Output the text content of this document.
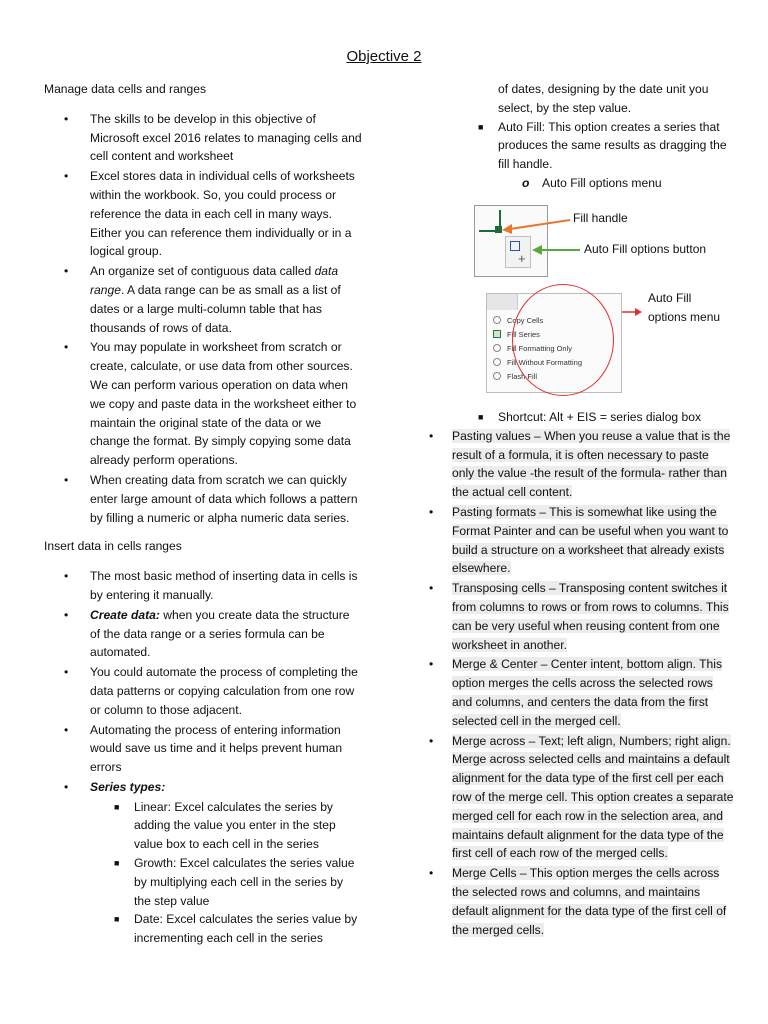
Objective 2

Manage data cells and ranges

• The skills to be develop in this objective of Microsoft excel 2016 relates to managing cells and cell content and worksheet

• Excel stores data in individual cells of worksheets within the workbook. So, you could process or reference the data in each cell in many ways. Either you can reference them individually or in a logical group.

• An organize set of contiguous data called data range. A data range can be as small as a list of dates or a large multi-column table that has thousands of rows of data.

• You may populate in worksheet from scratch or create, calculate, or use data from other sources. We can perform various operation on data when we copy and paste data in the worksheet either to maintain the original state of the data or we change the format. By simply copying some data already perform operations.

• When creating data from scratch we can quickly enter large amount of data which follows a pattern by filling a numeric or alpha numeric data series.

Insert data in cells ranges

• The most basic method of inserting data in cells is by entering it manually.

• Create data: when you create data the structure of the data range or a series formula can be automated.

• You could automate the process of completing the data patterns or copying calculation from one row or column to those adjacent.

• Automating the process of entering information would save us time and it helps prevent human errors

• Series types:

■ Linear: Excel calculates the series by adding the value you enter in the step value box to each cell in the series

■ Growth: Excel calculates the series value by multiplying each cell in the series by the step value

■ Date: Excel calculates the series value by incrementing each cell in the series

of dates, designing by the date unit you select, by the step value.

■ Auto Fill: This option creates a series that produces the same results as dragging the fill handle.

o Auto Fill options menu

+
Fill handle
Auto Fill options button
Auto Fill
options menu
Copy Cells
Fill Series
Fill Formatting Only
Fill Without Formatting
Flash Fill

■ Shortcut: Alt + EIS = series dialog box

• Pasting values – When you reuse a value that is the result of a formula, it is often necessary to paste only the value -the result of the formula- rather than the actual cell content.

• Pasting formats – This is somewhat like using the Format Painter and can be useful when you want to build a structure on a worksheet that already exists elsewhere.

• Transposing cells – Transposing content switches it from columns to rows or from rows to columns. This can be very useful when reusing content from one worksheet in another.

• Merge & Center – Center intent, bottom align. This option merges the cells across the selected rows and columns, and centers the data from the first selected cell in the merged cell.

• Merge across – Text; left align, Numbers; right align. Merge across selected cells and maintains a default alignment for the data type of the first cell per each row of the merge cell. This option creates a separate merged cell for each row in the selection area, and maintains default alignment for the data type of the first cell of each row of the merged cells.

• Merge Cells – This option merges the cells across the selected rows and columns, and maintains default alignment for the data type of the first cell of the merged cells.
